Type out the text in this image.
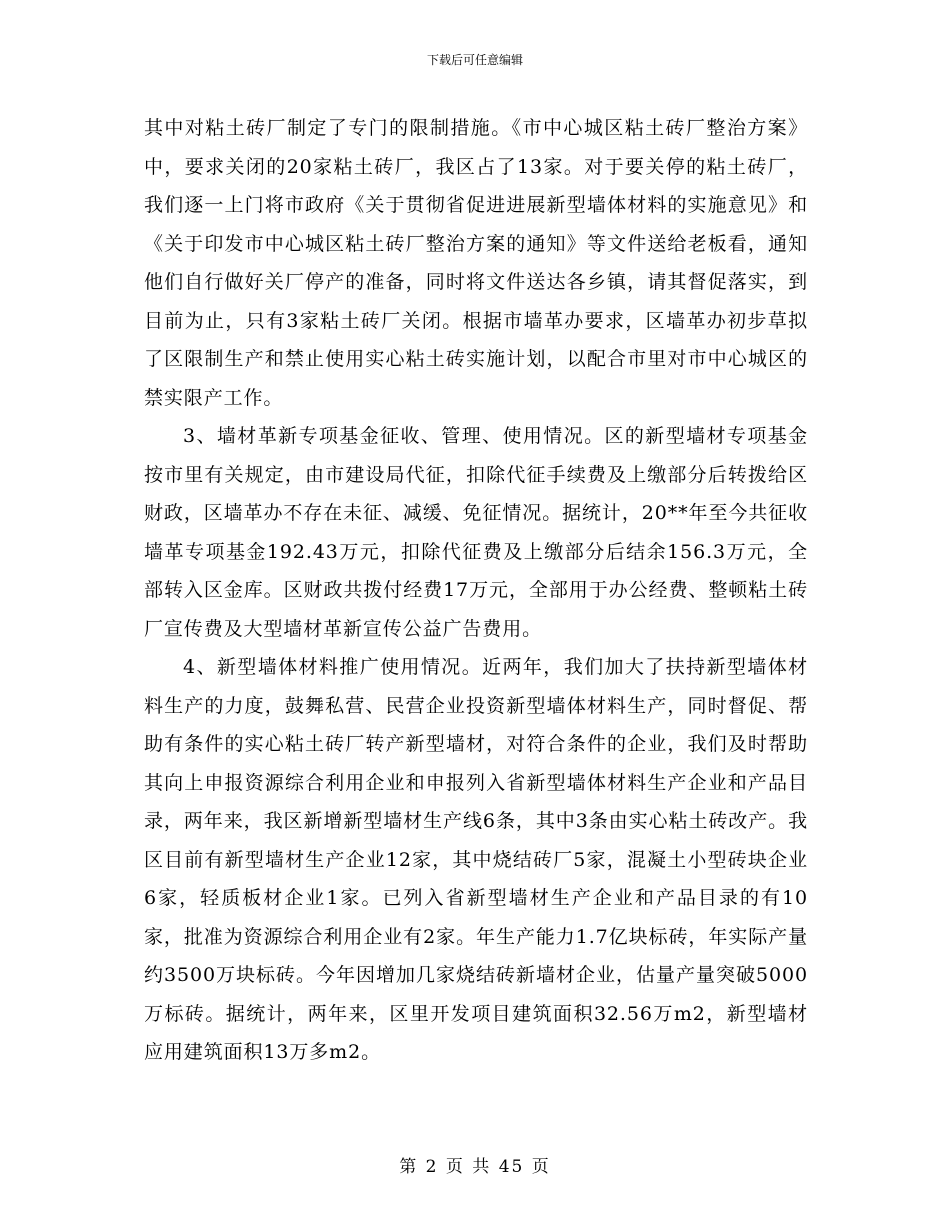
下载后可任意编辑

其中对粘土砖厂制定了专门的限制措施。《市中心城区粘土砖厂整治方案》中，要求关闭的20家粘土砖厂，我区占了13家。对于要关停的粘土砖厂，我们逐一上门将市政府《关于贯彻省促进进展新型墙体材料的实施意见》和《关于印发市中心城区粘土砖厂整治方案的通知》等文件送给老板看，通知他们自行做好关厂停产的准备，同时将文件送达各乡镇，请其督促落实，到目前为止，只有3家粘土砖厂关闭。根据市墙革办要求，区墙革办初步草拟了区限制生产和禁止使用实心粘土砖实施计划，以配合市里对市中心城区的禁实限产工作。

3、墙材革新专项基金征收、管理、使用情况。区的新型墙材专项基金按市里有关规定，由市建设局代征，扣除代征手续费及上缴部分后转拨给区财政，区墙革办不存在未征、减缓、免征情况。据统计，20**年至今共征收墙革专项基金192.43万元，扣除代征费及上缴部分后结余156.3万元，全部转入区金库。区财政共拨付经费17万元，全部用于办公经费、整顿粘土砖厂宣传费及大型墙材革新宣传公益广告费用。

4、新型墙体材料推广使用情况。近两年，我们加大了扶持新型墙体材料生产的力度，鼓舞私营、民营企业投资新型墙体材料生产，同时督促、帮助有条件的实心粘土砖厂转产新型墙材，对符合条件的企业，我们及时帮助其向上申报资源综合利用企业和申报列入省新型墙体材料生产企业和产品目录，两年来，我区新增新型墙材生产线6条，其中3条由实心粘土砖改产。我区目前有新型墙材生产企业12家，其中烧结砖厂5家，混凝土小型砖块企业6家，轻质板材企业1家。已列入省新型墙材生产企业和产品目录的有10家，批准为资源综合利用企业有2家。年生产能力1.7亿块标砖，年实际产量约3500万块标砖。今年因增加几家烧结砖新墙材企业，估量产量突破5000万标砖。据统计，两年来，区里开发项目建筑面积32.56万m2，新型墙材应用建筑面积13万多m2。

第 2 页 共 45 页
